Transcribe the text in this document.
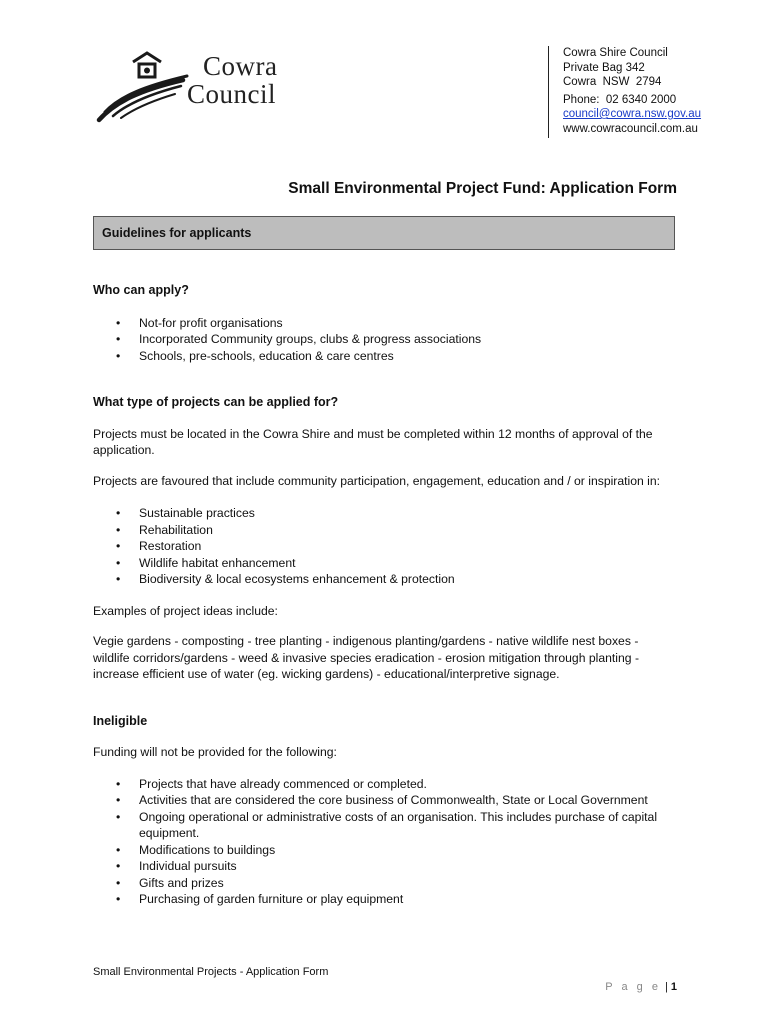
Cowra
Council
Cowra Shire Council
Private Bag 342
Cowra  NSW  2794
Phone:  02 6340 2000
council@cowra.nsw.gov.au
www.cowracouncil.com.au
Small Environmental Project Fund: Application Form
Guidelines for applicants
Who can apply?
• Not-for profit organisations
• Incorporated Community groups, clubs & progress associations
• Schools, pre-schools, education & care centres
What type of projects can be applied for?

Projects must be located in the Cowra Shire and must be completed within 12 months of approval of the application.

Projects are favoured that include community participation, engagement, education and / or inspiration in:

• Sustainable practices
• Rehabilitation
• Restoration
• Wildlife habitat enhancement
• Biodiversity & local ecosystems enhancement & protection

Examples of project ideas include:

Vegie gardens - composting - tree planting - indigenous planting/gardens - native wildlife nest boxes - wildlife corridors/gardens - weed & invasive species eradication - erosion mitigation through planting - increase efficient use of water (eg. wicking gardens) - educational/interpretive signage.

Ineligible

Funding will not be provided for the following:

• Projects that have already commenced or completed.
• Activities that are considered the core business of Commonwealth, State or Local Government
• Ongoing operational or administrative costs of an organisation. This includes purchase of capital equipment.
• Modifications to buildings
• Individual pursuits
• Gifts and prizes
• Purchasing of garden furniture or play equipment
Small Environmental Projects - Application Form
P a g e | 1
